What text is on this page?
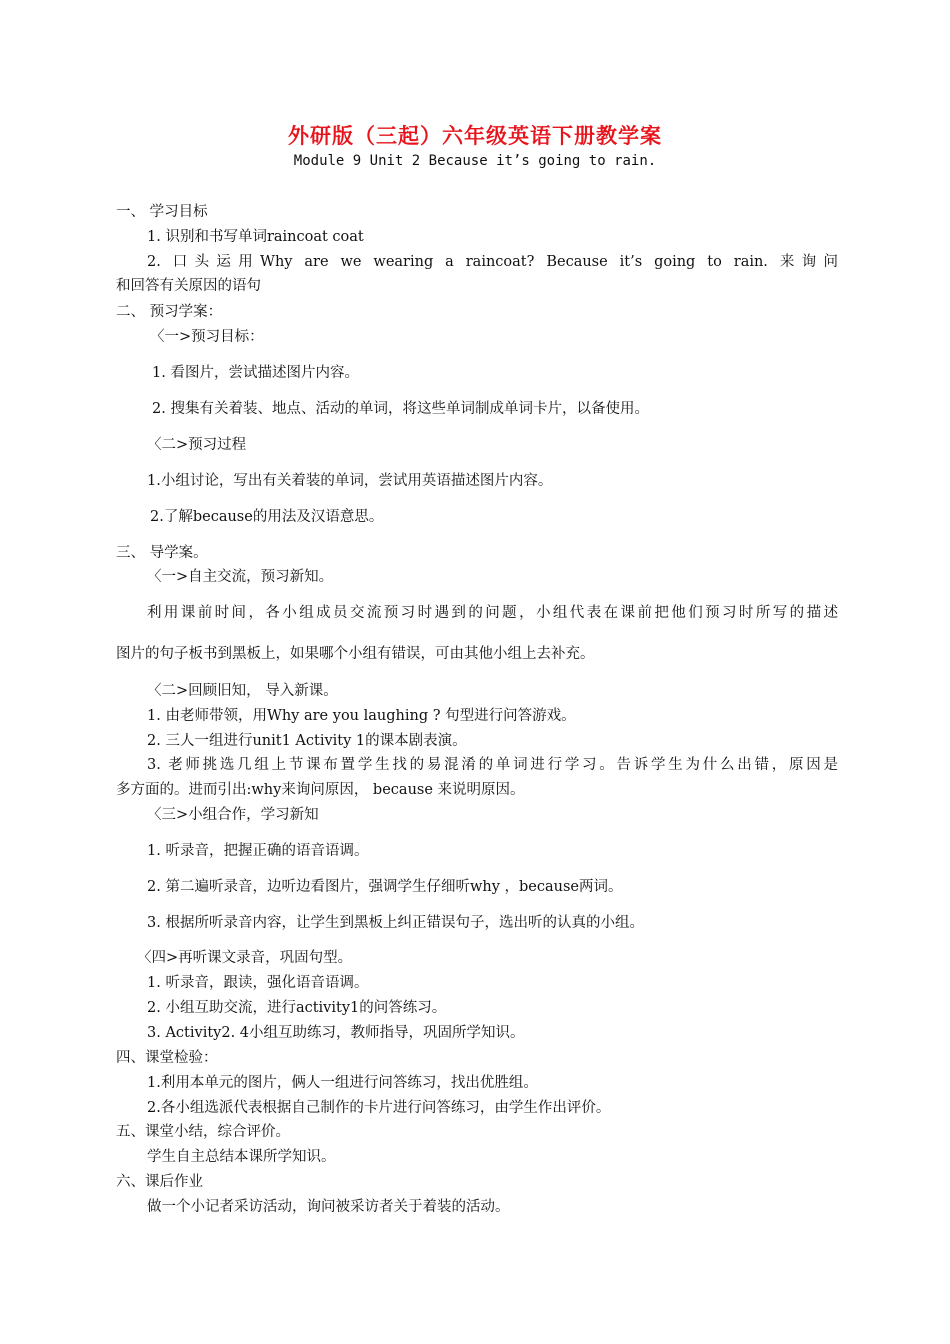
外研版（三起）六年级英语下册教学案
Module 9 Unit 2 Because it’s going to rain.
一、 学习目标
1. 识别和书写单词raincoat coat
2. 口头运用Why are we wearing a raincoat? Because it’s going to rain. 来询问
和回答有关原因的语句
二、 预习学案：
〈一>预习目标：
1. 看图片，尝试描述图片内容。
2. 搜集有关着装、地点、活动的单词，将这些单词制成单词卡片，以备使用。
〈二>预习过程
1.小组讨论，写出有关着装的单词，尝试用英语描述图片内容。
2.了解because的用法及汉语意思。
三、 导学案。
〈一>自主交流，预习新知。
利用课前时间，各小组成员交流预习时遇到的问题，小组代表在课前把他们预习时所写的描述
图片的句子板书到黑板上，如果哪个小组有错误，可由其他小组上去补充。
〈二>回顾旧知， 导入新课。
1. 由老师带领，用Why are you laughing ? 句型进行问答游戏。
2. 三人一组进行unit1 Activity 1的课本剧表演。
3. 老师挑选几组上节课布置学生找的易混淆的单词进行学习。告诉学生为什么出错，原因是
多方面的。进而引出:why来询问原因， because 来说明原因。
〈三>小组合作，学习新知
1. 听录音，把握正确的语音语调。
2. 第二遍听录音，边听边看图片，强调学生仔细听why ，because两词。
3. 根据所听录音内容，让学生到黑板上纠正错误句子，选出听的认真的小组。
〈四>再听课文录音，巩固句型。
1. 听录音，跟读，强化语音语调。
2. 小组互助交流，进行activity1的问答练习。
3. Activity2. 4小组互助练习，教师指导，巩固所学知识。
四、课堂检验：
1.利用本单元的图片，俩人一组进行问答练习，找出优胜组。
2.各小组选派代表根据自己制作的卡片进行问答练习，由学生作出评价。
五、课堂小结，综合评价。
学生自主总结本课所学知识。
六、课后作业
做一个小记者采访活动，询问被采访者关于着装的活动。
